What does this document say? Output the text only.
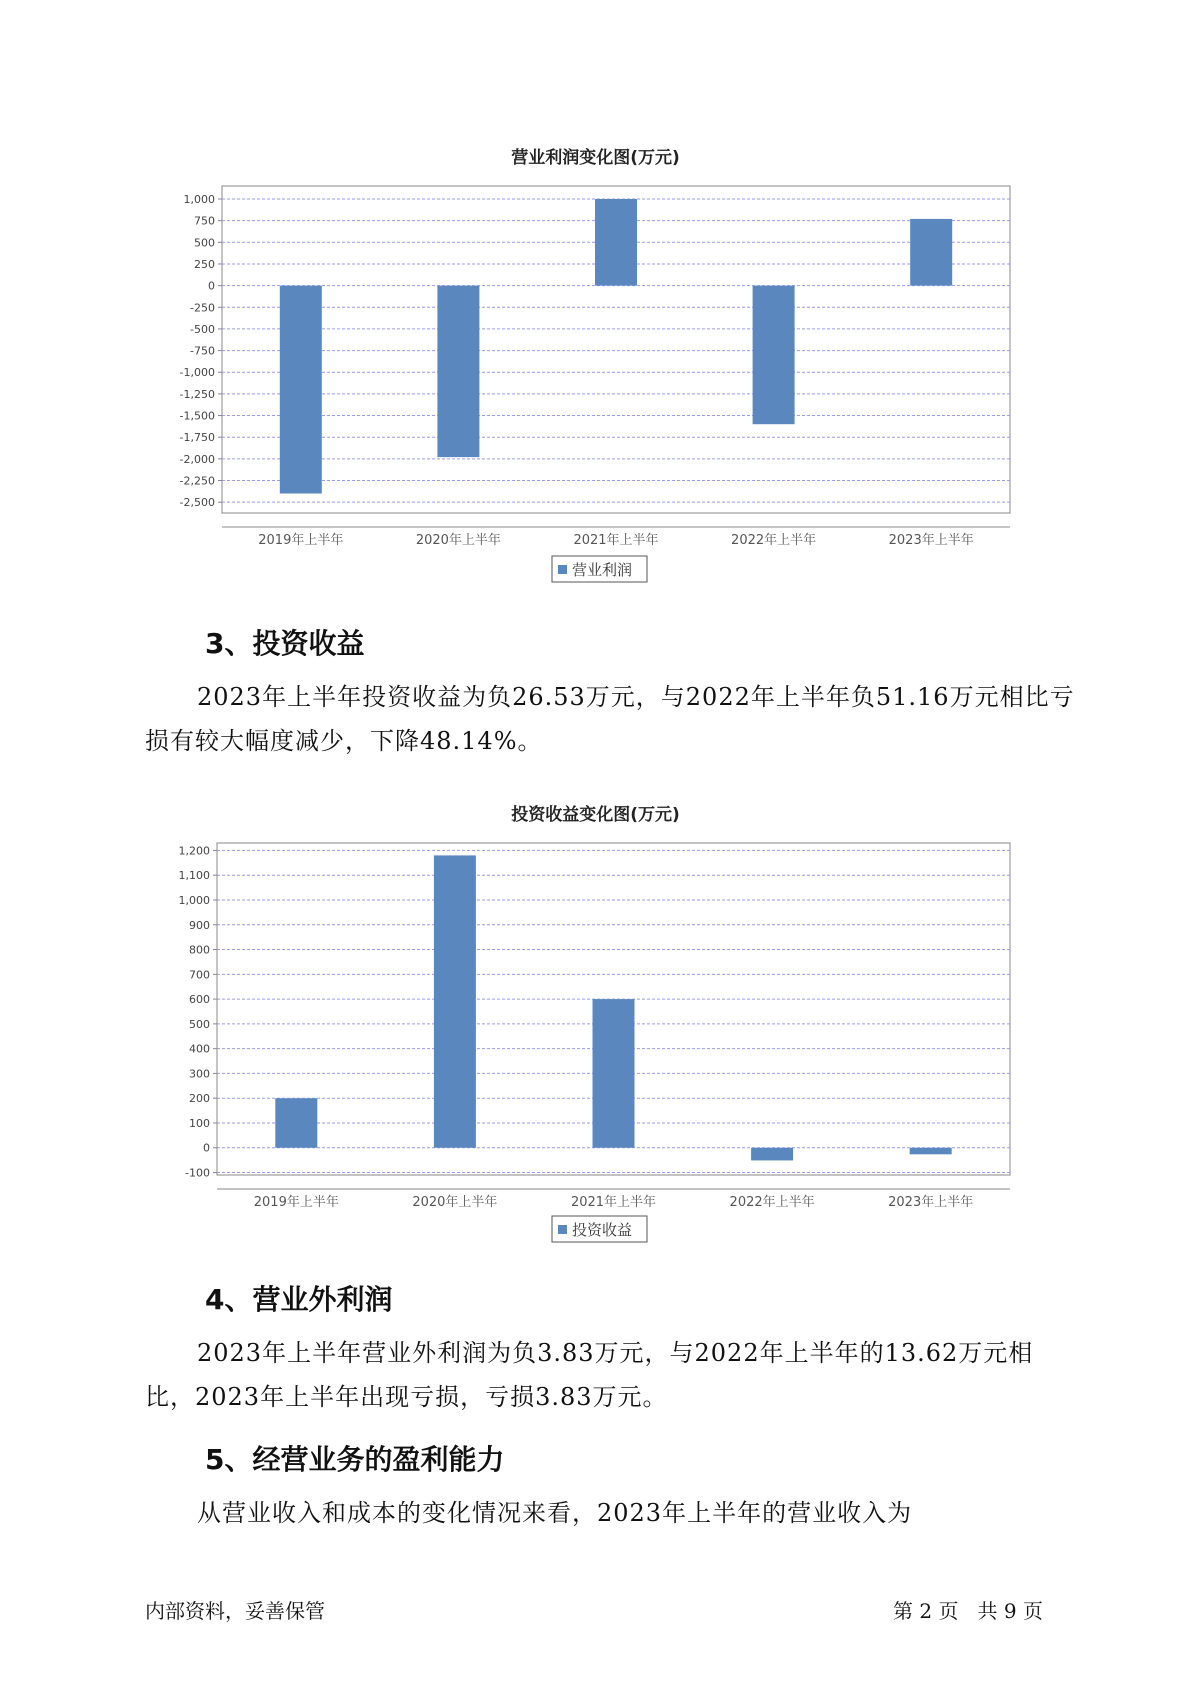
营业利润变化图(万元)
1,000
750
500
250
0
-250
-500
-750
-1,000
-1,250
-1,500
-1,750
-2,000
-2,250
-2,500
2019年上半年	2020年上半年	2021年上半年	2022年上半年	2023年上半年
营业利润
3、投资收益
2023年上半年投资收益为负26.53万元，与2022年上半年负51.16万元相比亏损有较大幅度减少，下降48.14%。
投资收益变化图(万元)
1,200
1,100
1,000
900
800
700
600
500
400
300
200
100
0
-100
2019年上半年	2020年上半年	2021年上半年	2022年上半年	2023年上半年
投资收益
4、营业外利润
2023年上半年营业外利润为负3.83万元，与2022年上半年的13.62万元相比，2023年上半年出现亏损，亏损3.83万元。
5、经营业务的盈利能力
从营业收入和成本的变化情况来看，2023年上半年的营业收入为
内部资料，妥善保管	第 2 页   共 9 页
